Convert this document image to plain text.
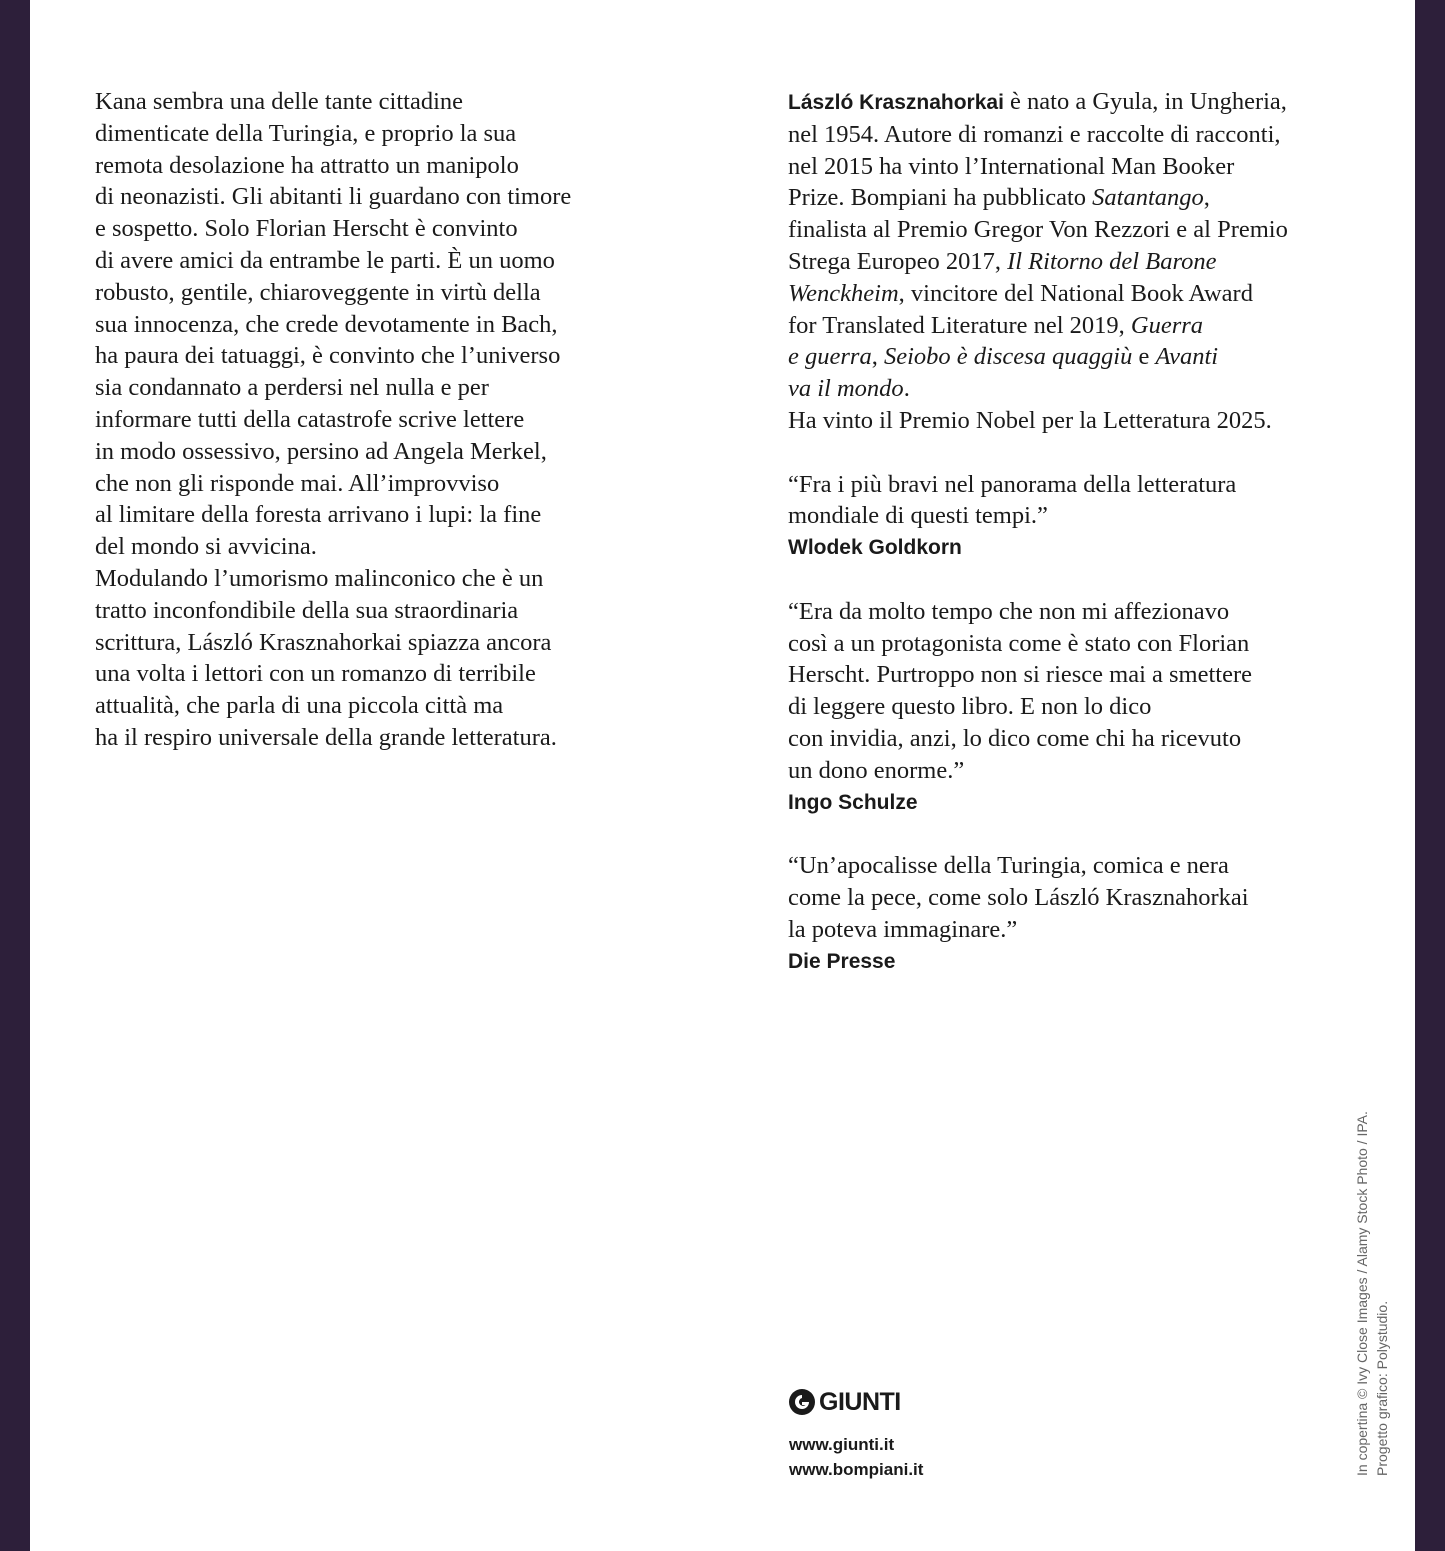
Kana sembra una delle tante cittadine
dimenticate della Turingia, e proprio la sua
remota desolazione ha attratto un manipolo
di neonazisti. Gli abitanti li guardano con timore
e sospetto. Solo Florian Herscht è convinto
di avere amici da entrambe le parti. È un uomo
robusto, gentile, chiaroveggente in virtù della
sua innocenza, che crede devotamente in Bach,
ha paura dei tatuaggi, è convinto che l’universo
sia condannato a perdersi nel nulla e per
informare tutti della catastrofe scrive lettere
in modo ossessivo, persino ad Angela Merkel,
che non gli risponde mai. All’improvviso
al limitare della foresta arrivano i lupi: la fine
del mondo si avvicina.
Modulando l’umorismo malinconico che è un
tratto inconfondibile della sua straordinaria
scrittura, László Krasznahorkai spiazza ancora
una volta i lettori con un romanzo di terribile
attualità, che parla di una piccola città ma
ha il respiro universale della grande letteratura.
László Krasznahorkai è nato a Gyula, in Ungheria,
nel 1954. Autore di romanzi e raccolte di racconti,
nel 2015 ha vinto l’International Man Booker
Prize. Bompiani ha pubblicato Satantango,
finalista al Premio Gregor Von Rezzori e al Premio
Strega Europeo 2017, Il Ritorno del Barone
Wenckheim, vincitore del National Book Award
for Translated Literature nel 2019, Guerra
e guerra, Seiobo è discesa quaggiù e Avanti
va il mondo.
Ha vinto il Premio Nobel per la Letteratura 2025.
“Fra i più bravi nel panorama della letteratura
mondiale di questi tempi.”
Wlodek Goldkorn
“Era da molto tempo che non mi affezionavo
così a un protagonista come è stato con Florian
Herscht. Purtroppo non si riesce mai a smettere
di leggere questo libro. E non lo dico
con invidia, anzi, lo dico come chi ha ricevuto
un dono enorme.”
Ingo Schulze
“Un’apocalisse della Turingia, comica e nera
come la pece, come solo László Krasznahorkai
la poteva immaginare.”
Die Presse
GIUNTI
www.giunti.it
www.bompiani.it	In copertina © Ivy Close Images / Alamy Stock Photo / IPA. Progetto grafico: Polystudio.
